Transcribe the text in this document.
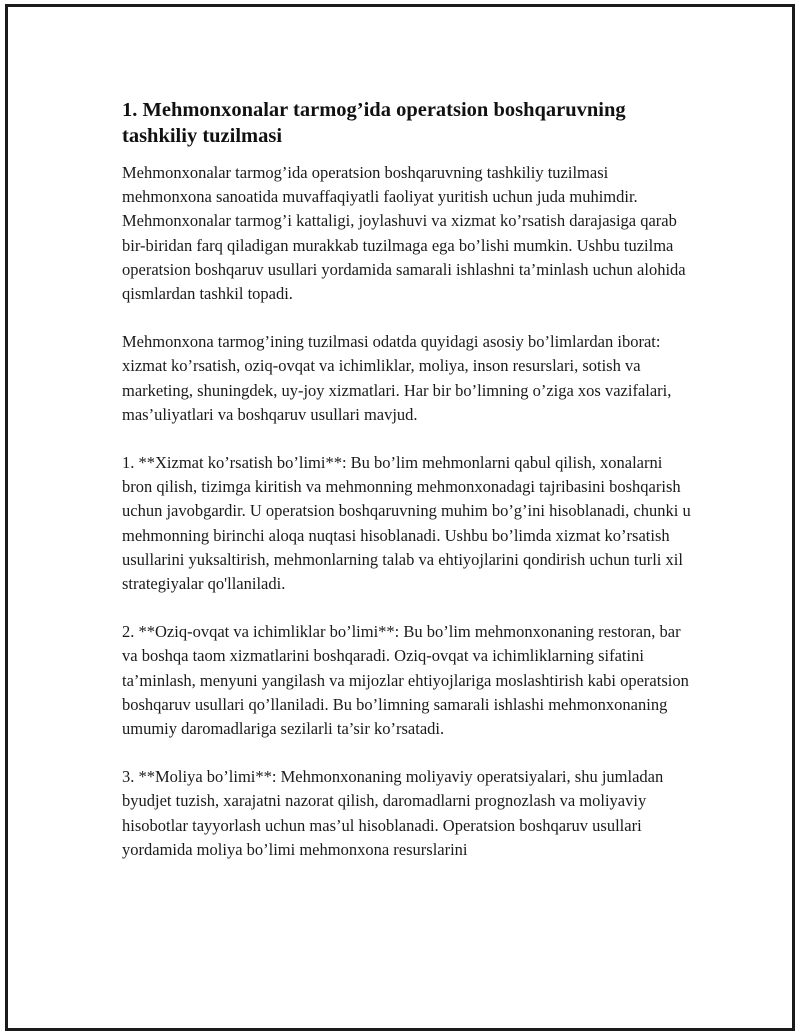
1. Mehmonxonalar tarmog’ida operatsion boshqaruvning tashkiliy tuzilmasi

Mehmonxonalar tarmog’ida operatsion boshqaruvning tashkiliy tuzilmasi mehmonxona sanoatida muvaffaqiyatli faoliyat yuritish uchun juda muhimdir. Mehmonxonalar tarmog’i kattaligi, joylashuvi va xizmat ko’rsatish darajasiga qarab bir-biridan farq qiladigan murakkab tuzilmaga ega bo’lishi mumkin. Ushbu tuzilma operatsion boshqaruv usullari yordamida samarali ishlashni ta’minlash uchun alohida qismlardan tashkil topadi.

Mehmonxona tarmog’ining tuzilmasi odatda quyidagi asosiy bo’limlardan iborat: xizmat ko’rsatish, oziq-ovqat va ichimliklar, moliya, inson resurslari, sotish va marketing, shuningdek, uy-joy xizmatlari. Har bir bo’limning o’ziga xos vazifalari, mas’uliyatlari va boshqaruv usullari mavjud.

1. **Xizmat ko’rsatish bo’limi**: Bu bo’lim mehmonlarni qabul qilish, xonalarni bron qilish, tizimga kiritish va mehmonning mehmonxonadagi tajribasini boshqarish uchun javobgardir. U operatsion boshqaruvning muhim bo’g’ini hisoblanadi, chunki u mehmonning birinchi aloqa nuqtasi hisoblanadi. Ushbu bo’limda xizmat ko’rsatish usullarini yuksaltirish, mehmonlarning talab va ehtiyojlarini qondirish uchun turli xil strategiyalar qo'llaniladi.

2. **Oziq-ovqat va ichimliklar bo’limi**: Bu bo’lim mehmonxonaning restoran, bar va boshqa taom xizmatlarini boshqaradi. Oziq-ovqat va ichimliklarning sifatini ta’minlash, menyuni yangilash va mijozlar ehtiyojlariga moslashtirish kabi operatsion boshqaruv usullari qo’llaniladi. Bu bo’limning samarali ishlashi mehmonxonaning umumiy daromadlariga sezilarli ta’sir ko’rsatadi.

3. **Moliya bo’limi**: Mehmonxonaning moliyaviy operatsiyalari, shu jumladan byudjet tuzish, xarajatni nazorat qilish, daromadlarni prognozlash va moliyaviy hisobotlar tayyorlash uchun mas’ul hisoblanadi. Operatsion boshqaruv usullari yordamida moliya bo’limi mehmonxona resurslarini
